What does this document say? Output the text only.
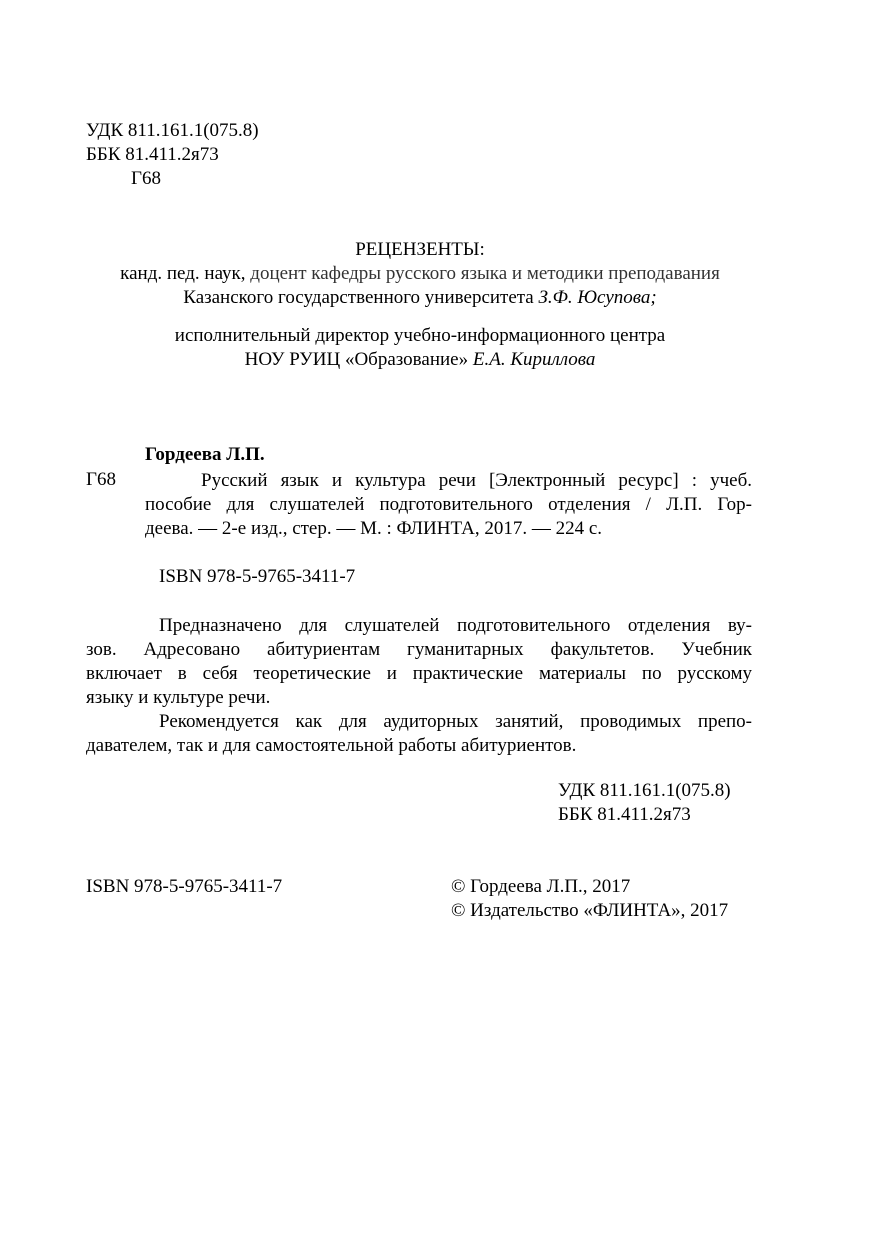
УДК 811.161.1(075.8)
ББК 81.411.2я73
Г68
РЕЦЕНЗЕНТЫ:
канд. пед. наук, доцент кафедры русского языка и методики преподавания
Казанского государственного университета З.Ф. Юсупова;
исполнительный директор учебно-информационного центра
НОУ РУИЦ «Образование» Е.А. Кириллова
Гордеева Л.П.
Г68	Русский язык и культура речи [Электронный ресурс] : учеб.
пособие для слушателей подготовительного отделения / Л.П. Гор-
деева. — 2-е изд., стер. — М. : ФЛИНТА, 2017. — 224 с.
ISBN 978-5-9765-3411-7
Предназначено для слушателей подготовительного отделения ву-
зов. Адресовано абитуриентам гуманитарных факультетов. Учебник
включает в себя теоретические и практические материалы по русскому
языку и культуре речи.
Рекомендуется как для аудиторных занятий, проводимых препо-
давателем, так и для самостоятельной работы абитуриентов.
УДК 811.161.1(075.8)
ББК 81.411.2я73
ISBN 978-5-9765-3411-7	© Гордеева Л.П., 2017
© Издательство «ФЛИНТА», 2017
